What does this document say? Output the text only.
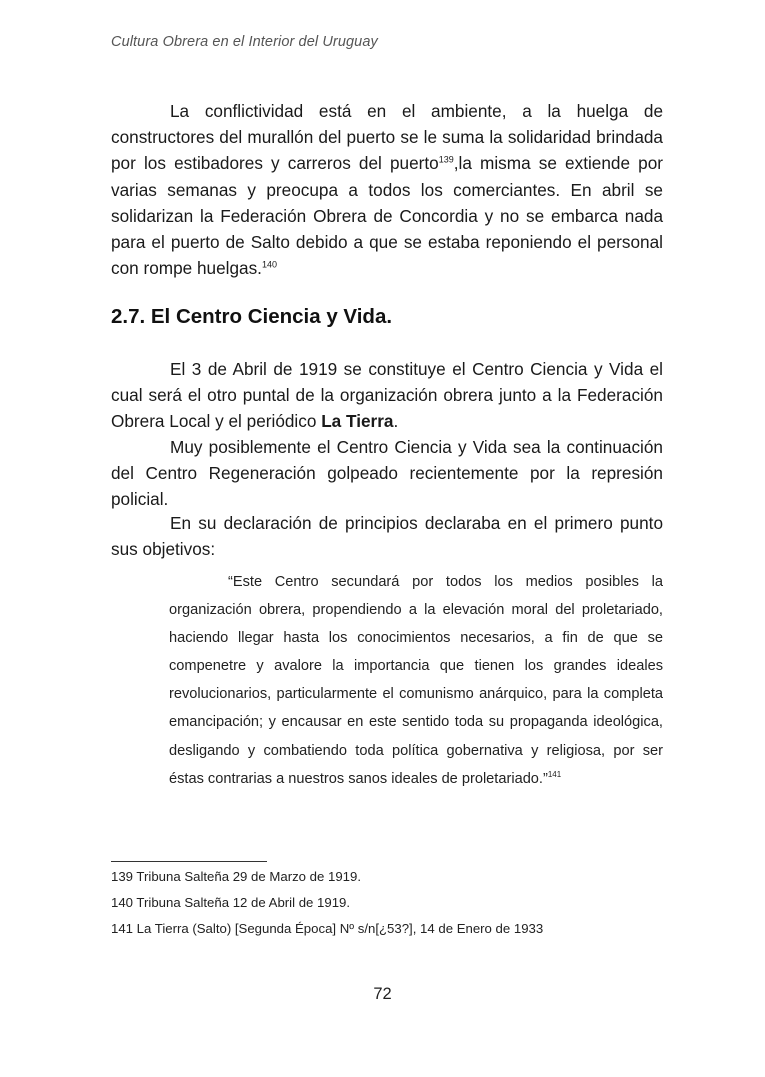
Cultura Obrera en el Interior del Uruguay

La conflictividad está en el ambiente, a la huelga de constructores del murallón del puerto se le suma la solidaridad brindada por los estibadores y carreros del puerto$^{139}$,la misma se extiende por varias semanas y preocupa a todos los comerciantes. En abril se solidarizan la Federación Obrera de Concordia y no se embarca nada para el puerto de Salto debido a que se estaba reponiendo el personal con rompe huelgas.$^{140}$

2.7. El Centro Ciencia y Vida.

El 3 de Abril de 1919 se constituye el Centro Ciencia y Vida el cual será el otro puntal de la organización obrera junto a la Federación Obrera Local y el periódico La Tierra.

Muy posiblemente el Centro Ciencia y Vida sea la continuación del Centro Regeneración golpeado recientemente por la represión policial.

En su declaración de principios declaraba en el primero punto sus objetivos:

“Este Centro secundará por todos los medios posibles la organización obrera, propendiendo a la elevación moral del proletariado, haciendo llegar hasta los conocimientos necesarios, a fin de que se compenetre y avalore la importancia que tienen los grandes ideales revolucionarios, particularmente el comunismo anárquico, para la completa emancipación; y encausar en este sentido toda su propaganda ideológica, desligando y combatiendo toda política gobernativa y religiosa, por ser éstas contrarias a nuestros sanos ideales de proletariado.”$^{141}$

139 Tribuna Salteña 29 de Marzo de 1919.
140 Tribuna Salteña 12 de Abril de 1919.
141 La Tierra (Salto) [Segunda Época] Nº s/n[¿53?], 14 de Enero de 1933
72
